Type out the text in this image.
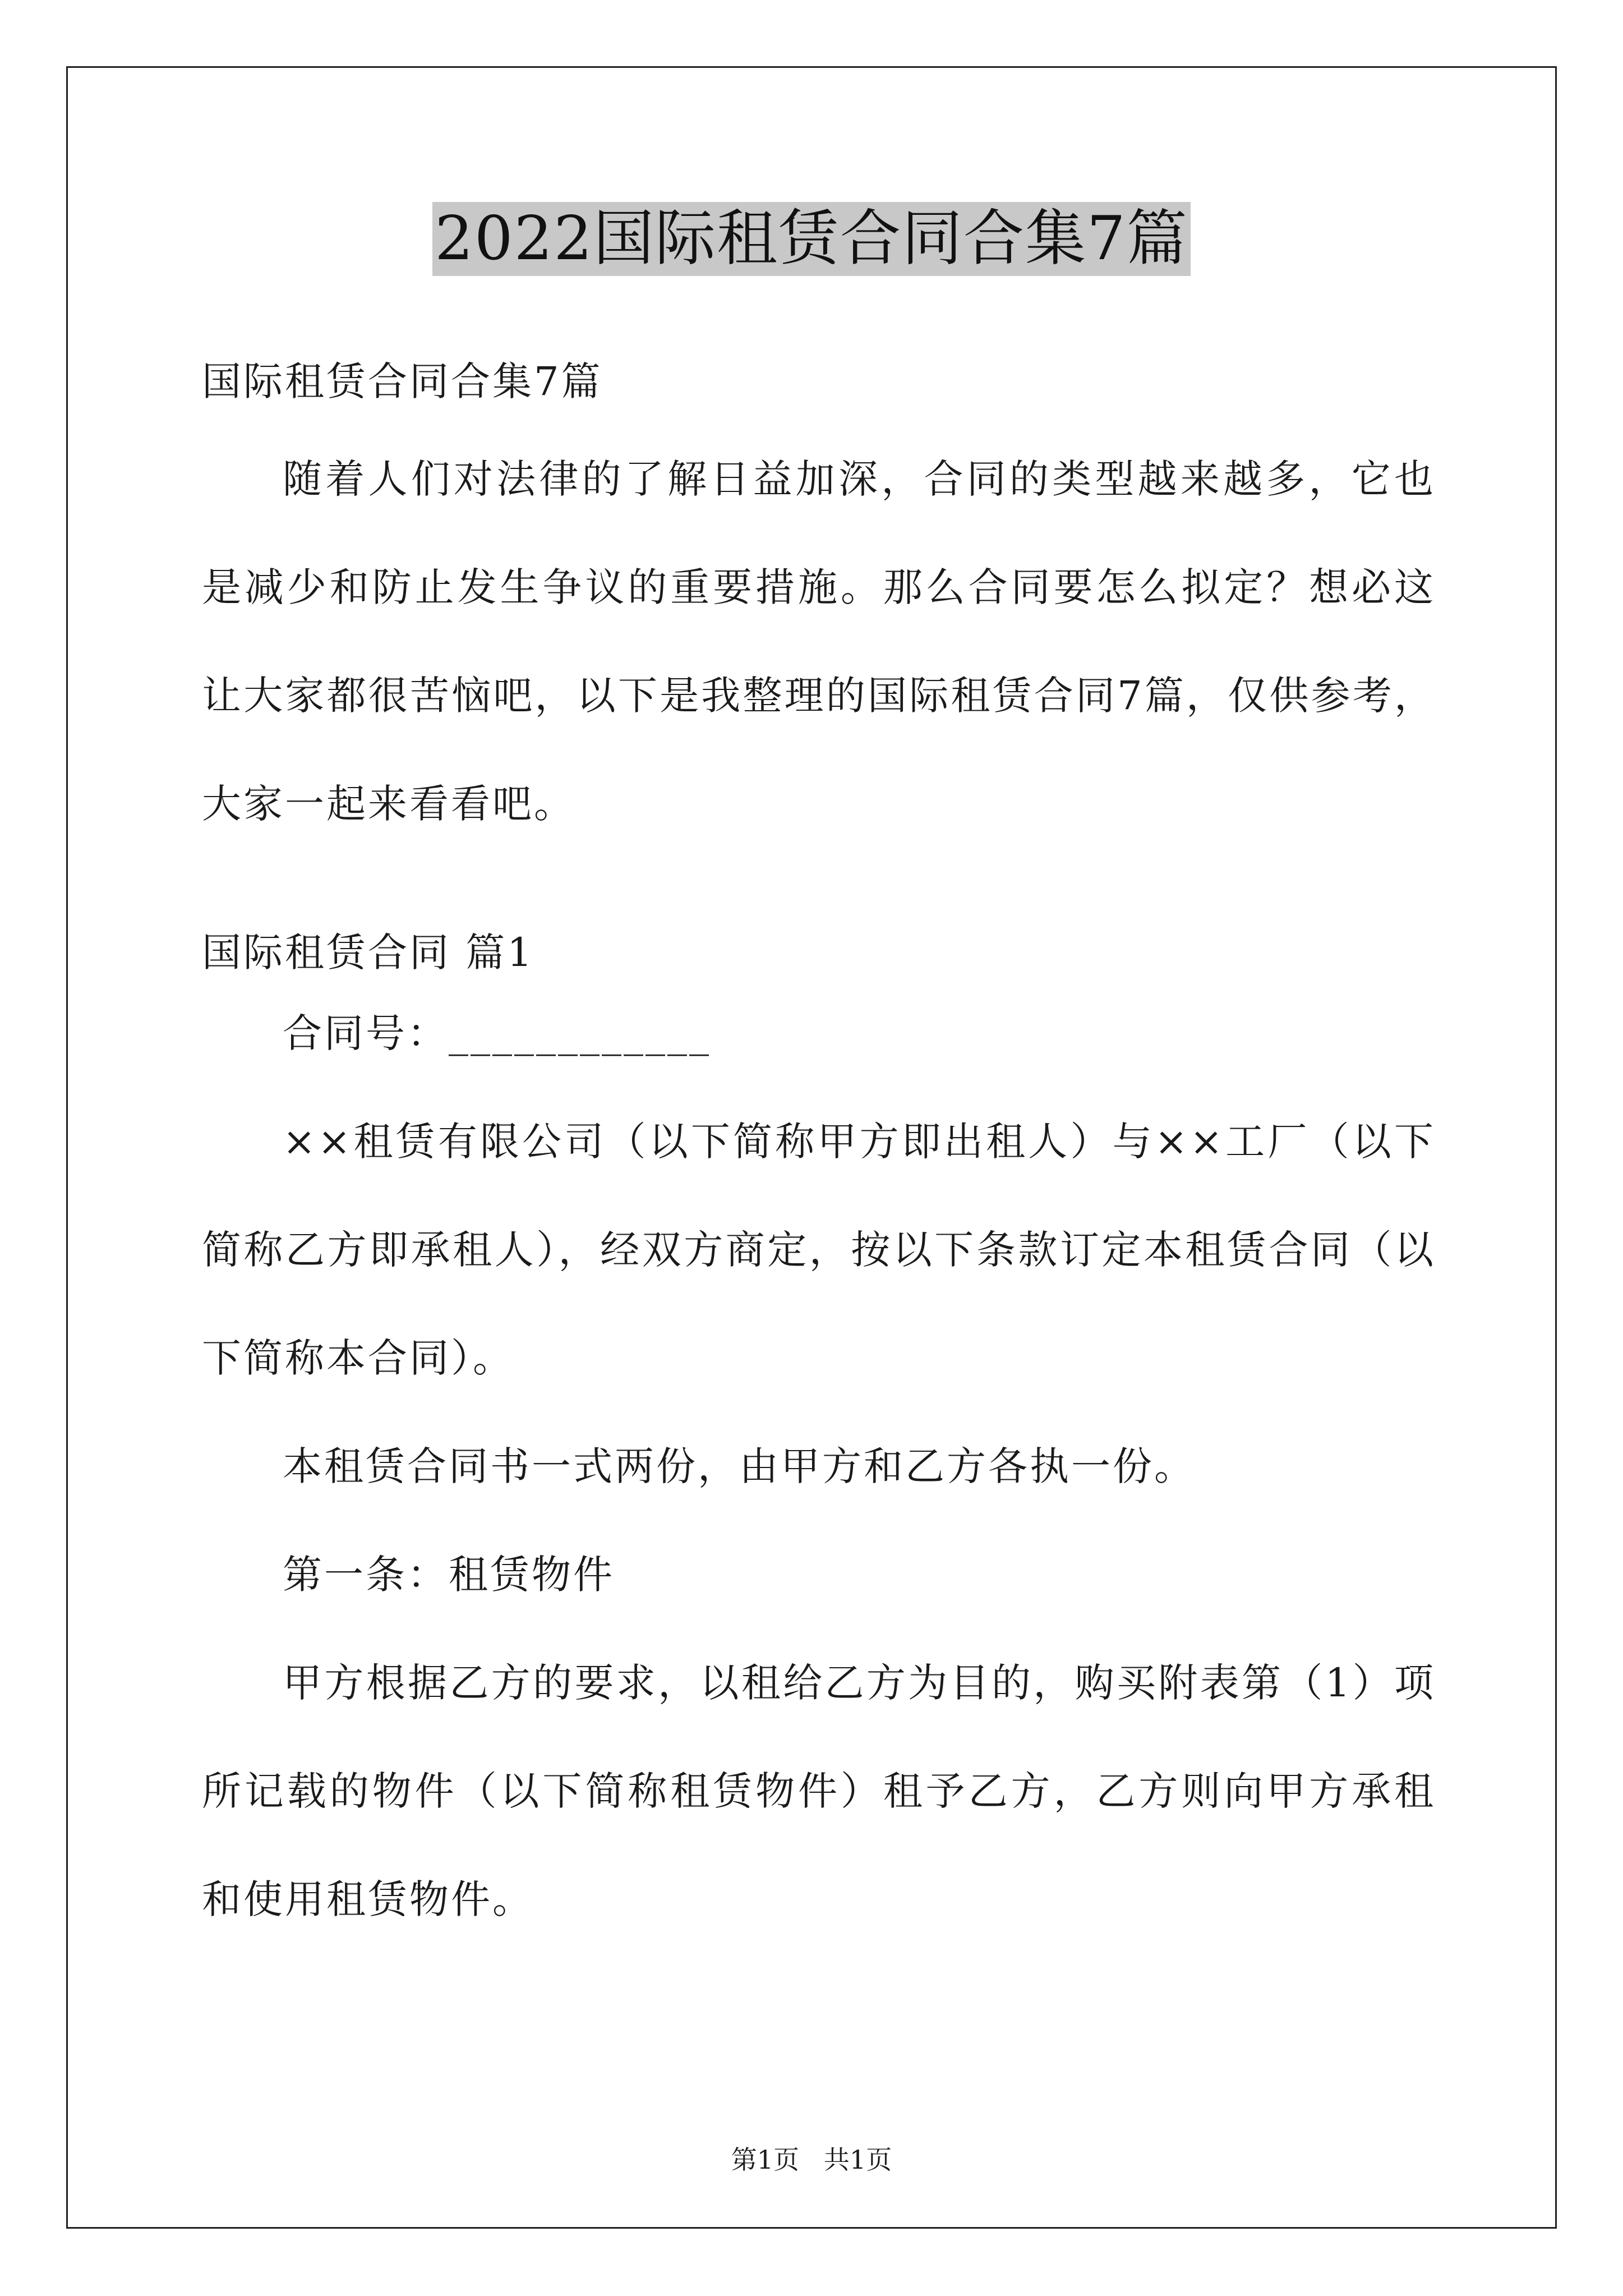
2022国际租赁合同合集7篇

国际租赁合同合集7篇

随着人们对法律的了解日益加深，合同的类型越来越多，它也是减少和防止发生争议的重要措施。那么合同要怎么拟定？想必这让大家都很苦恼吧，以下是我整理的国际租赁合同7篇，仅供参考，大家一起来看看吧。

国际租赁合同 篇1

合同号：____________

××租赁有限公司（以下简称甲方即出租人）与××工厂（以下简称乙方即承租人），经双方商定，按以下条款订定本租赁合同（以下简称本合同）。

本租赁合同书一式两份，由甲方和乙方各执一份。

第一条：租赁物件

甲方根据乙方的要求，以租给乙方为目的，购买附表第（1）项所记载的物件（以下简称租赁物件）租予乙方，乙方则向甲方承租和使用租赁物件。

第1页   共1页
